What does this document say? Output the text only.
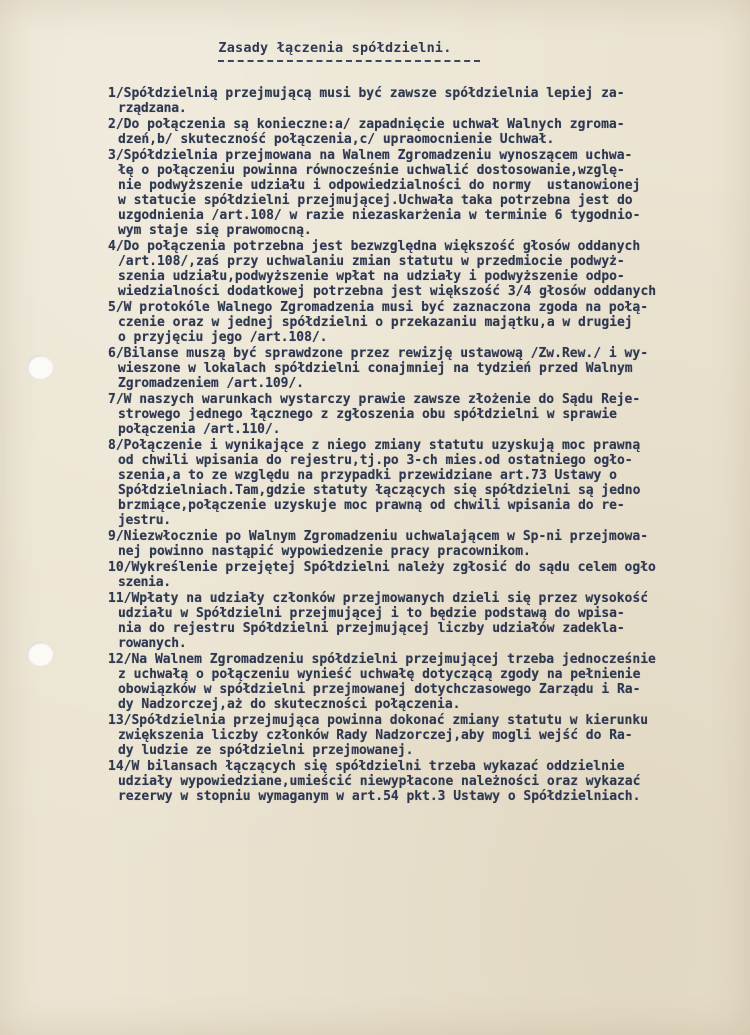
Zasady łączenia spółdzielni.
1/Spółdzielnią przejmującą musi być zawsze spółdzielnia lepiej za-
rządzana.
2/Do połączenia są konieczne:a/ zapadnięcie uchwał Walnych zgroma-
dzeń,b/ skuteczność połączenia,c/ upraomocnienie Uchwał.
3/Spółdzielnia przejmowana na Walnem Zgromadzeniu wynoszącem uchwa-
łę o połączeniu powinna równocześnie uchwalić dostosowanie,wzglę-
nie podwyższenie udziału i odpowiedzialności do normy  ustanowionej
w statucie spółdzielni przejmującej.Uchwała taka potrzebna jest do
uzgodnienia /art.108/ w razie niezaskarżenia w terminie 6 tygodnio-
wym staje się prawomocną.
4/Do połączenia potrzebna jest bezwzględna większość głosów oddanych
/art.108/,zaś przy uchwalaniu zmian statutu w przedmiocie podwyż-
szenia udziału,podwyższenie wpłat na udziały i podwyższenie odpo-
wiedzialności dodatkowej potrzebna jest większość 3/4 głosów oddanych
5/W protokóle Walnego Zgromadzenia musi być zaznaczona zgoda na połą-
czenie oraz w jednej spółdzielni o przekazaniu majątku,a w drugiej
o przyjęciu jego /art.108/.
6/Bilanse muszą być sprawdzone przez rewizję ustawową /Zw.Rew./ i wy-
wieszone w lokalach spółdzielni conajmniej na tydzień przed Walnym
Zgromadzeniem /art.109/.
7/W naszych warunkach wystarczy prawie zawsze złożenie do Sądu Reje-
strowego jednego łącznego z zgłoszenia obu spółdzielni w sprawie
połączenia /art.110/.
8/Połączenie i wynikające z niego zmiany statutu uzyskują moc prawną
od chwili wpisania do rejestru,tj.po 3-ch mies.od ostatniego ogło-
szenia,a to ze względu na przypadki przewidziane art.73 Ustawy o
Spółdzielniach.Tam,gdzie statuty łączących się spółdzielni są jedno
brzmiące,połączenie uzyskuje moc prawną od chwili wpisania do re-
jestru.
9/Niezwłocznie po Walnym Zgromadzeniu uchwalającem w Sp-ni przejmowa-
nej powinno nastąpić wypowiedzenie pracy pracownikom.
10/Wykreślenie przejętej Spółdzielni należy zgłosić do sądu celem ogło
szenia.
11/Wpłaty na udziały członków przejmowanych dzieli się przez wysokość
udziału w Spółdzielni przejmującej i to będzie podstawą do wpisa-
nia do rejestru Spółdzielni przejmującej liczby udziałów zadekla-
rowanych.
12/Na Walnem Zgromadzeniu spółdzielni przejmującej trzeba jednocześnie
z uchwałą o połączeniu wynieść uchwałę dotyczącą zgody na pełnienie
obowiązków w spółdzielni przejmowanej dotychczasowego Zarządu i Ra-
dy Nadzorczej,aż do skuteczności połączenia.
13/Spółdzielnia przejmująca powinna dokonać zmiany statutu w kierunku
zwiększenia liczby członków Rady Nadzorczej,aby mogli wejść do Ra-
dy ludzie ze spółdzielni przejmowanej.
14/W bilansach łączących się spółdzielni trzeba wykazać oddzielnie
udziały wypowiedziane,umieścić niewypłacone należności oraz wykazać
rezerwy w stopniu wymaganym w art.54 pkt.3 Ustawy o Spółdzielniach.
